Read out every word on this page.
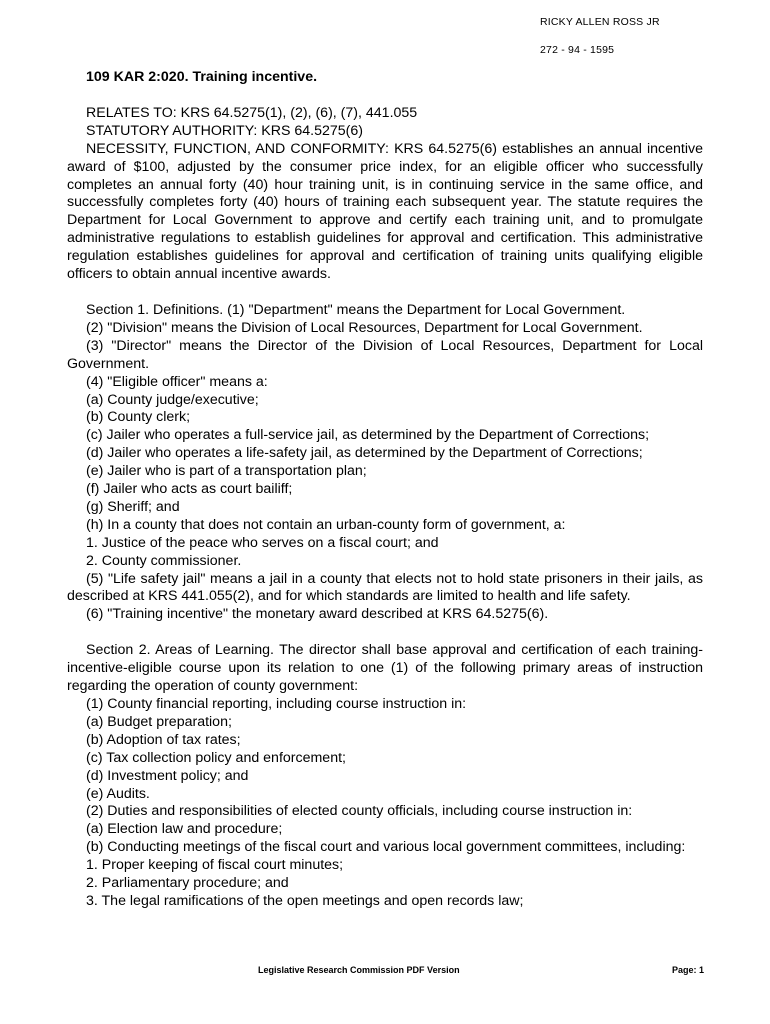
RICKY ALLEN ROSS JR
272 - 94 - 1595
109 KAR 2:020. Training incentive.

RELATES TO: KRS 64.5275(1), (2), (6), (7), 441.055

STATUTORY AUTHORITY: KRS 64.5275(6)

NECESSITY, FUNCTION, AND CONFORMITY: KRS 64.5275(6) establishes an annual incentive award of $100, adjusted by the consumer price index, for an eligible officer who successfully completes an annual forty (40) hour training unit, is in continuing service in the same office, and successfully completes forty (40) hours of training each subsequent year. The statute requires the Department for Local Government to approve and certify each training unit, and to promulgate administrative regulations to establish guidelines for approval and certification. This administrative regulation establishes guidelines for approval and certification of training units qualifying eligible officers to obtain annual incentive awards.

Section 1. Definitions. (1) "Department" means the Department for Local Government.

(2) "Division" means the Division of Local Resources, Department for Local Government.

(3) "Director" means the Director of the Division of Local Resources, Department for Local Government.

(4) "Eligible officer" means a:

(a) County judge/executive;

(b) County clerk;

(c) Jailer who operates a full-service jail, as determined by the Department of Corrections;

(d) Jailer who operates a life-safety jail, as determined by the Department of Corrections;

(e) Jailer who is part of a transportation plan;

(f) Jailer who acts as court bailiff;

(g) Sheriff; and

(h) In a county that does not contain an urban-county form of government, a:

1. Justice of the peace who serves on a fiscal court; and

2. County commissioner.

(5) "Life safety jail" means a jail in a county that elects not to hold state prisoners in their jails, as described at KRS 441.055(2), and for which standards are limited to health and life safety.

(6) "Training incentive" the monetary award described at KRS 64.5275(6).

Section 2. Areas of Learning. The director shall base approval and certification of each training-incentive-eligible course upon its relation to one (1) of the following primary areas of instruction regarding the operation of county government:

(1) County financial reporting, including course instruction in:

(a) Budget preparation;

(b) Adoption of tax rates;

(c) Tax collection policy and enforcement;

(d) Investment policy; and

(e) Audits.

(2) Duties and responsibilities of elected county officials, including course instruction in:

(a) Election law and procedure;

(b) Conducting meetings of the fiscal court and various local government committees, including:

1. Proper keeping of fiscal court minutes;

2. Parliamentary procedure; and

3. The legal ramifications of the open meetings and open records law;

Legislative Research Commission PDF Version	Page: 1
